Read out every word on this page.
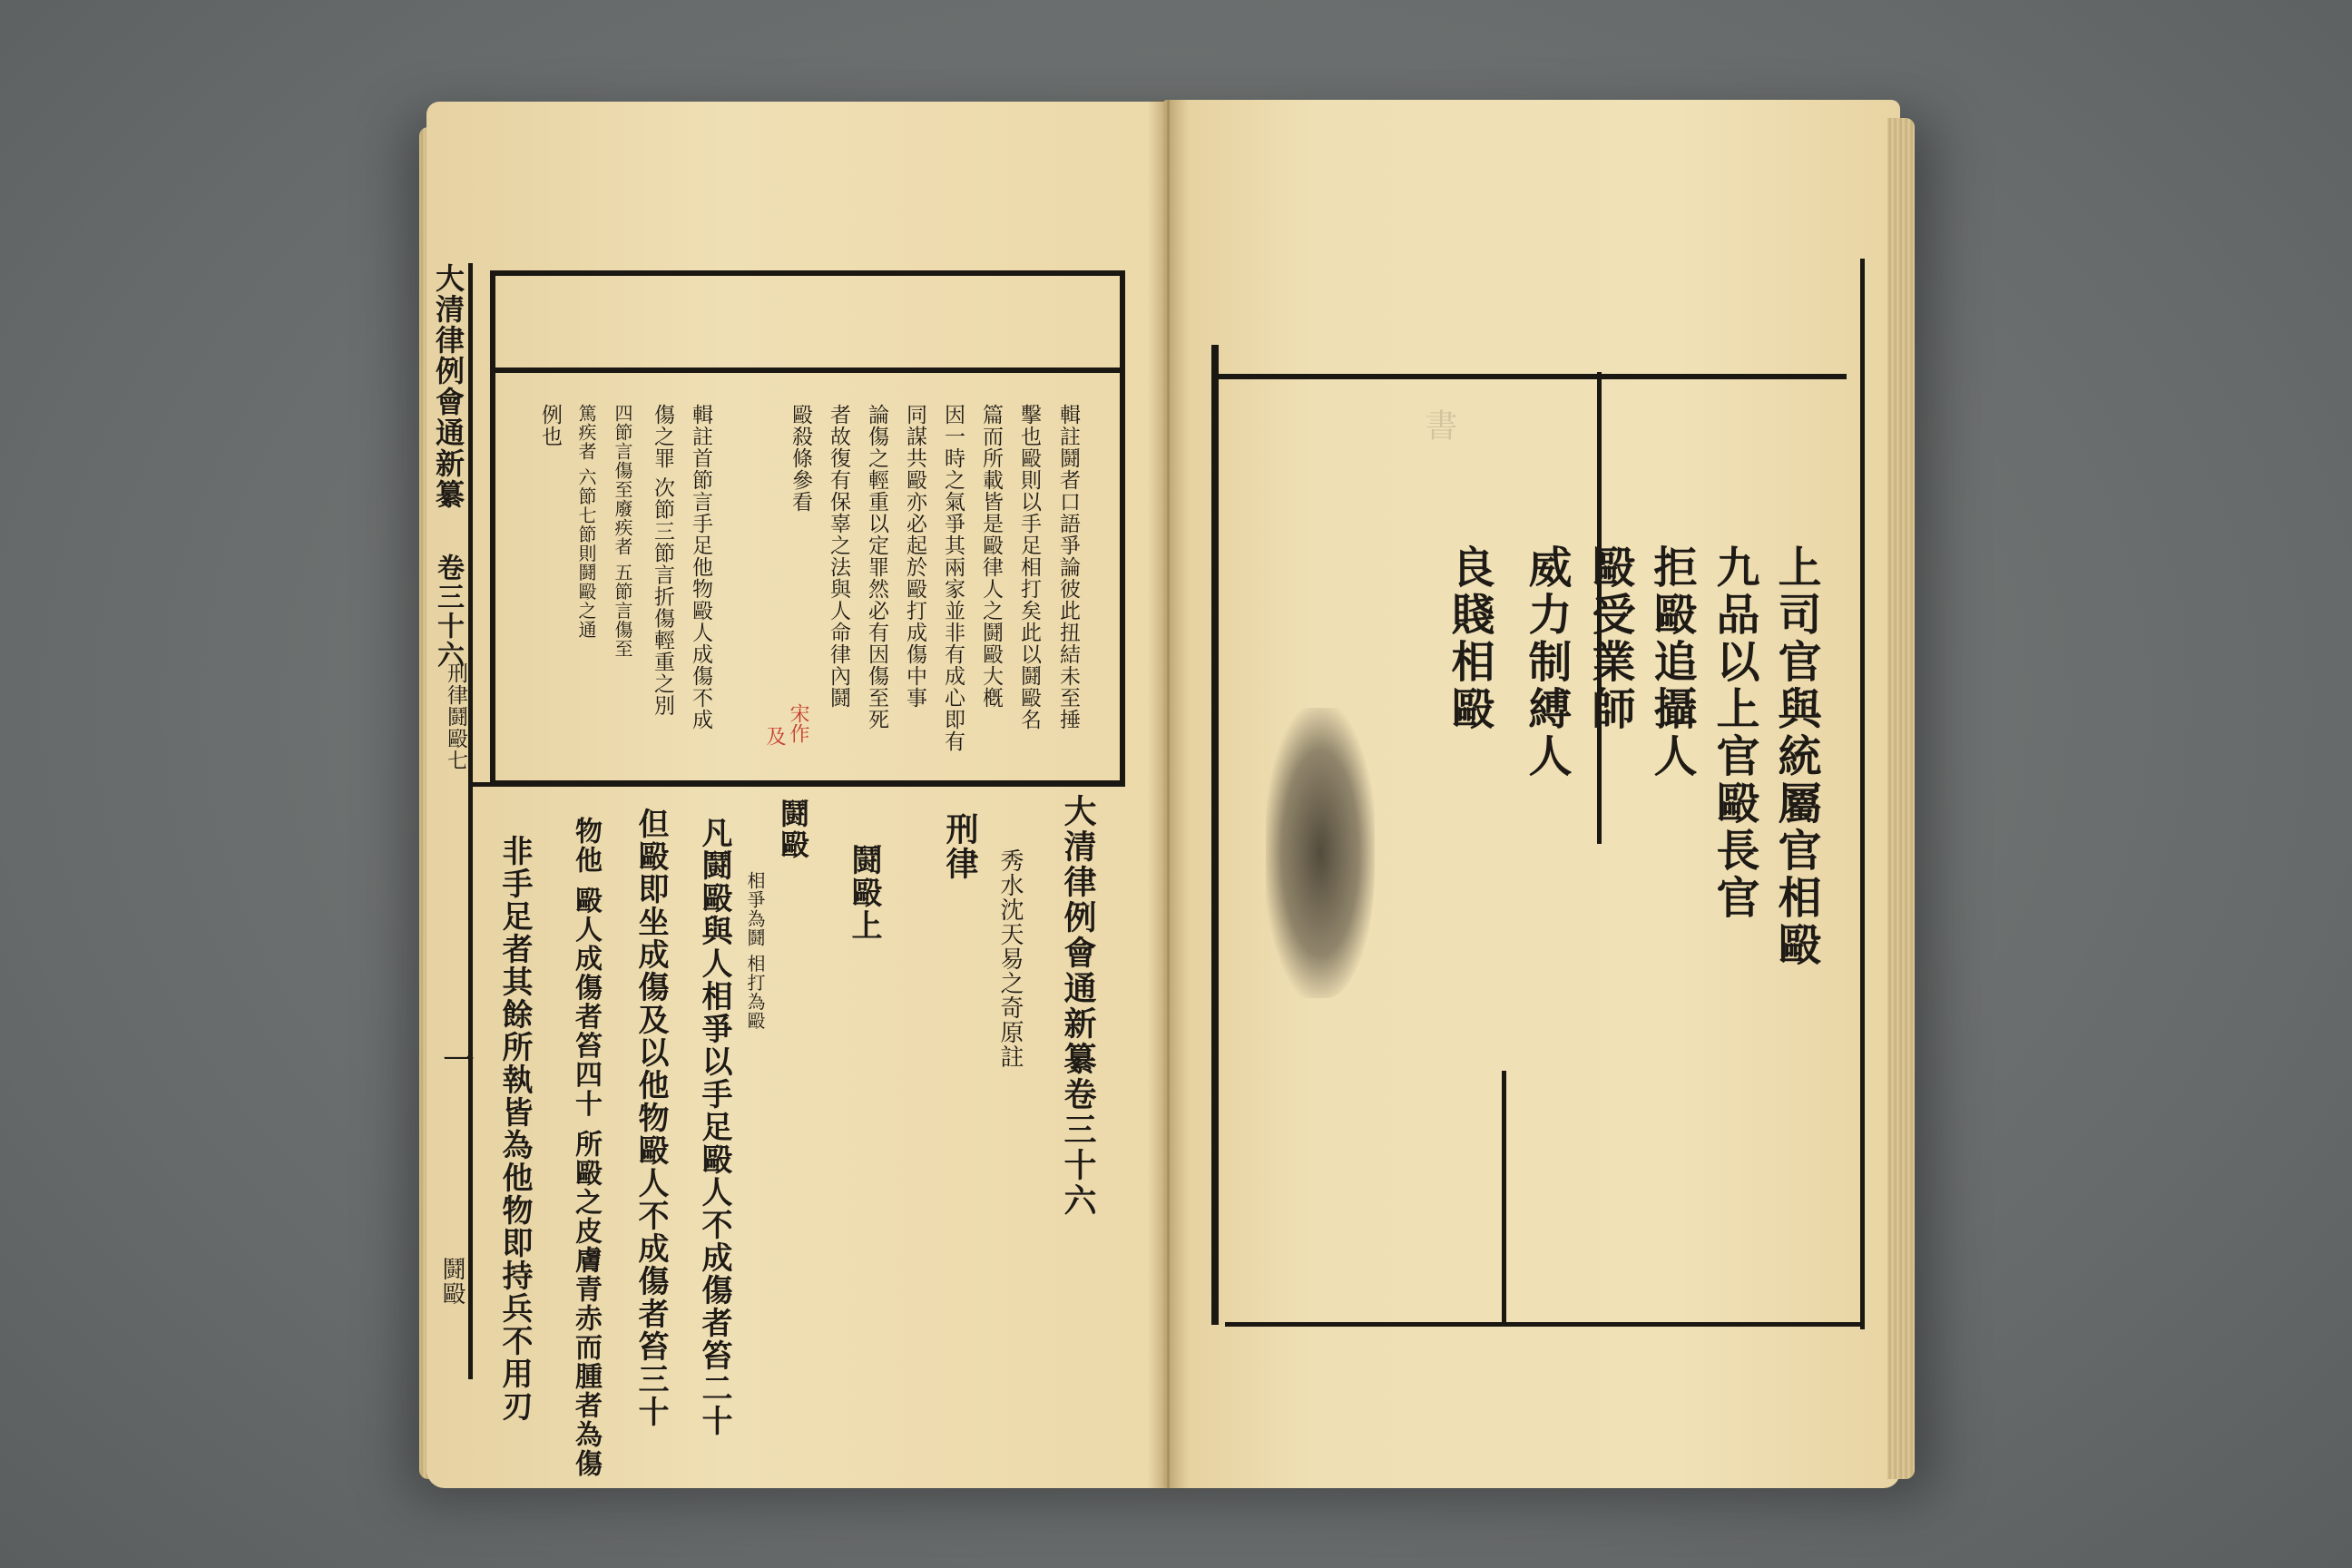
上司官與統屬官相毆
九品以上官毆長官
拒毆追攝人
毆受業師
威力制縛人
良賤相毆
書
大清律例會通新纂
卷三十六
刑律鬪毆七	輯註鬪者口語爭論彼此扭結未至捶
擊也毆則以手足相打矣此以鬪毆名
篇而所載皆是毆律人之鬪毆大槪
因一時之氣爭其兩家並非有成心即有
同謀共毆亦必起於毆打成傷中事
論傷之輕重以定罪然必有因傷至死
者故復有保辜之法與人命律內鬪
毆殺條參看
宋作
及
輯註首節言手足他物毆人成傷不成
傷之罪 次節三節言折傷輕重之別
四節言傷至廢疾者 五節言傷至
篤疾者 六節七節則鬪毆之通
例也
大清律例會通新纂卷三十六
秀水沈天易之奇原註
刑律
鬪毆上
鬪毆
相爭為鬪 相打為毆
凡鬪毆與人相爭以手足毆人不成傷者笞二十
但毆即坐成傷及以他物毆人不成傷者笞三十
物他 毆人成傷者笞四十 所毆之皮膚青赤而腫者為傷
非手足者其餘所執皆為他物即持兵不用刃
鬪毆
一
